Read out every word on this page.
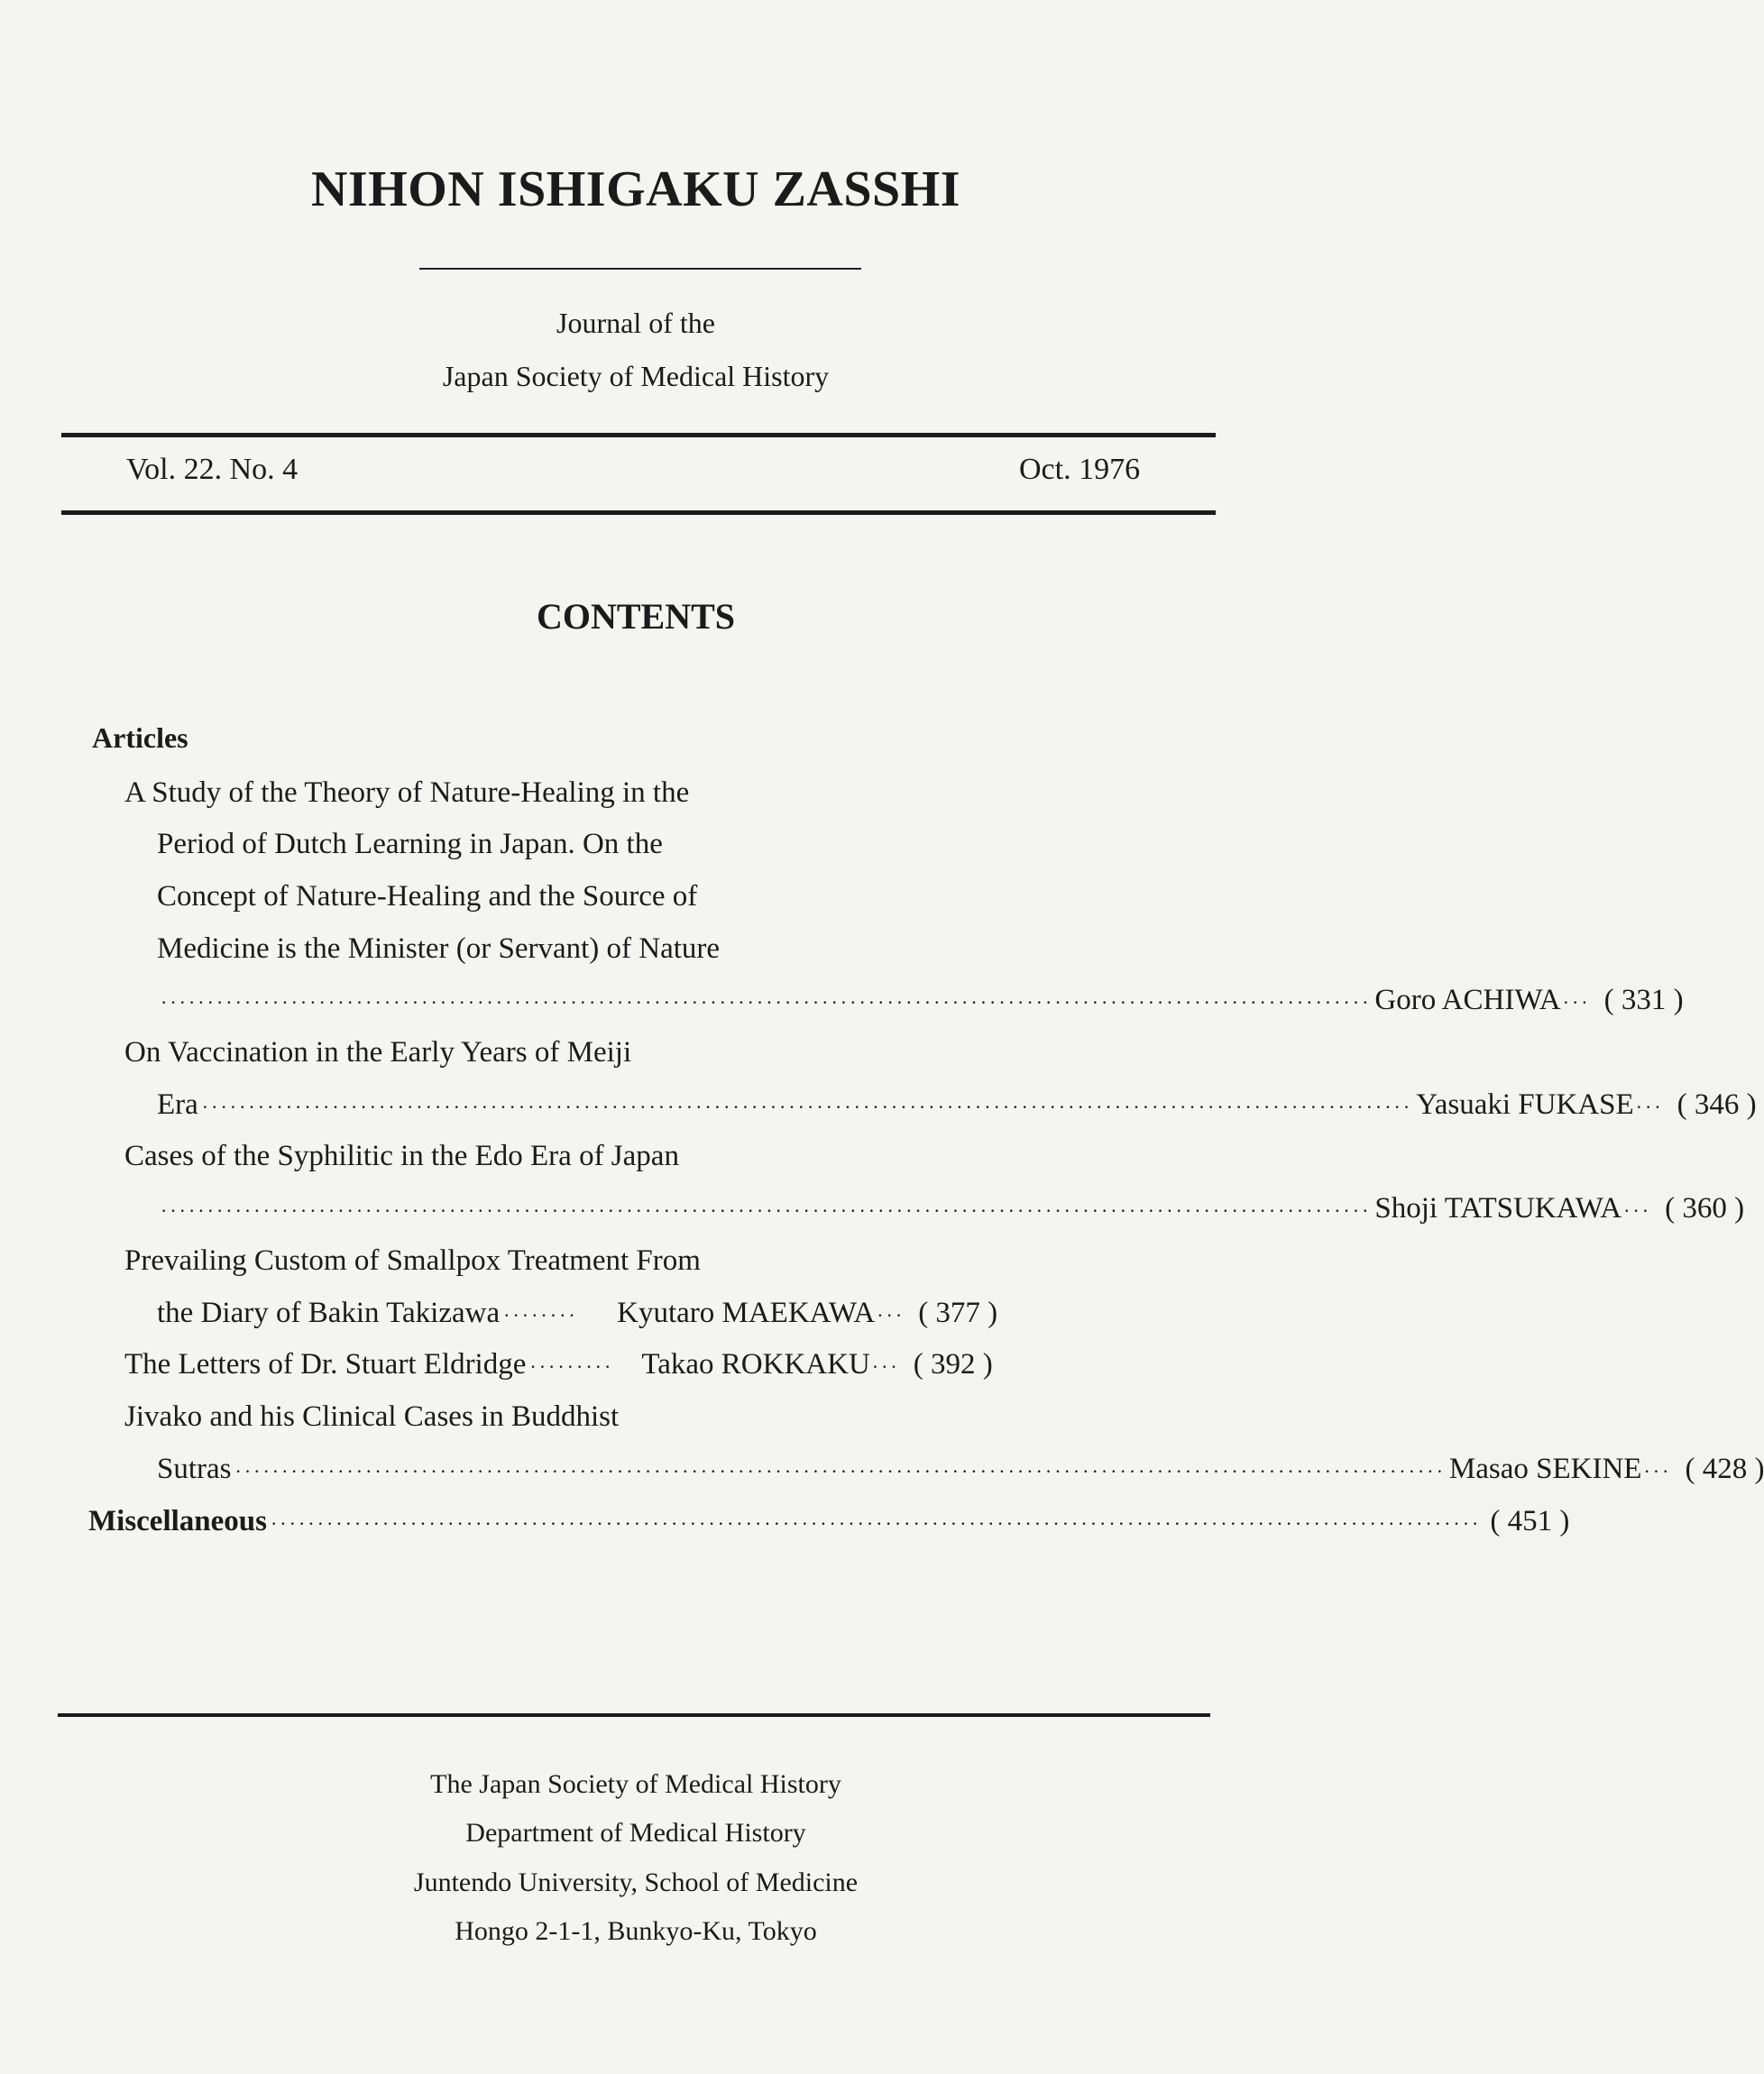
NIHON ISHIGAKU ZASSHI
Journal of the
Japan Society of Medical History
Vol. 22. No. 4	Oct. 1976
CONTENTS
Articles
A Study of the Theory of Nature-Healing in the
Period of Dutch Learning in Japan. On the
Concept of Nature-Healing and the Source of
Medicine is the Minister (or Servant) of Nature
·································································································································· Goro ACHIWA ··· ( 331 )
On Vaccination in the Early Years of Meiji
Era ·································································································································· Yasuaki FUKASE ··· ( 346 )
Cases of the Syphilitic in the Edo Era of Japan
·································································································································· Shoji TATSUKAWA ··· ( 360 )
Prevailing Custom of Smallpox Treatment From
the Diary of Bakin Takizawa ········	Kyutaro MAEKAWA ··· ( 377 )
The Letters of Dr. Stuart Eldridge ········· Takao ROKKAKU ··· ( 392 )
Jivako and his Clinical Cases in Buddhist
Sutras ·································································································································· Masao SEKINE ··· ( 428 )
Miscellaneous ·································································································································· ( 451 )
The Japan Society of Medical History
Department of Medical History
Juntendo University, School of Medicine
Hongo 2-1-1, Bunkyo-Ku, Tokyo
